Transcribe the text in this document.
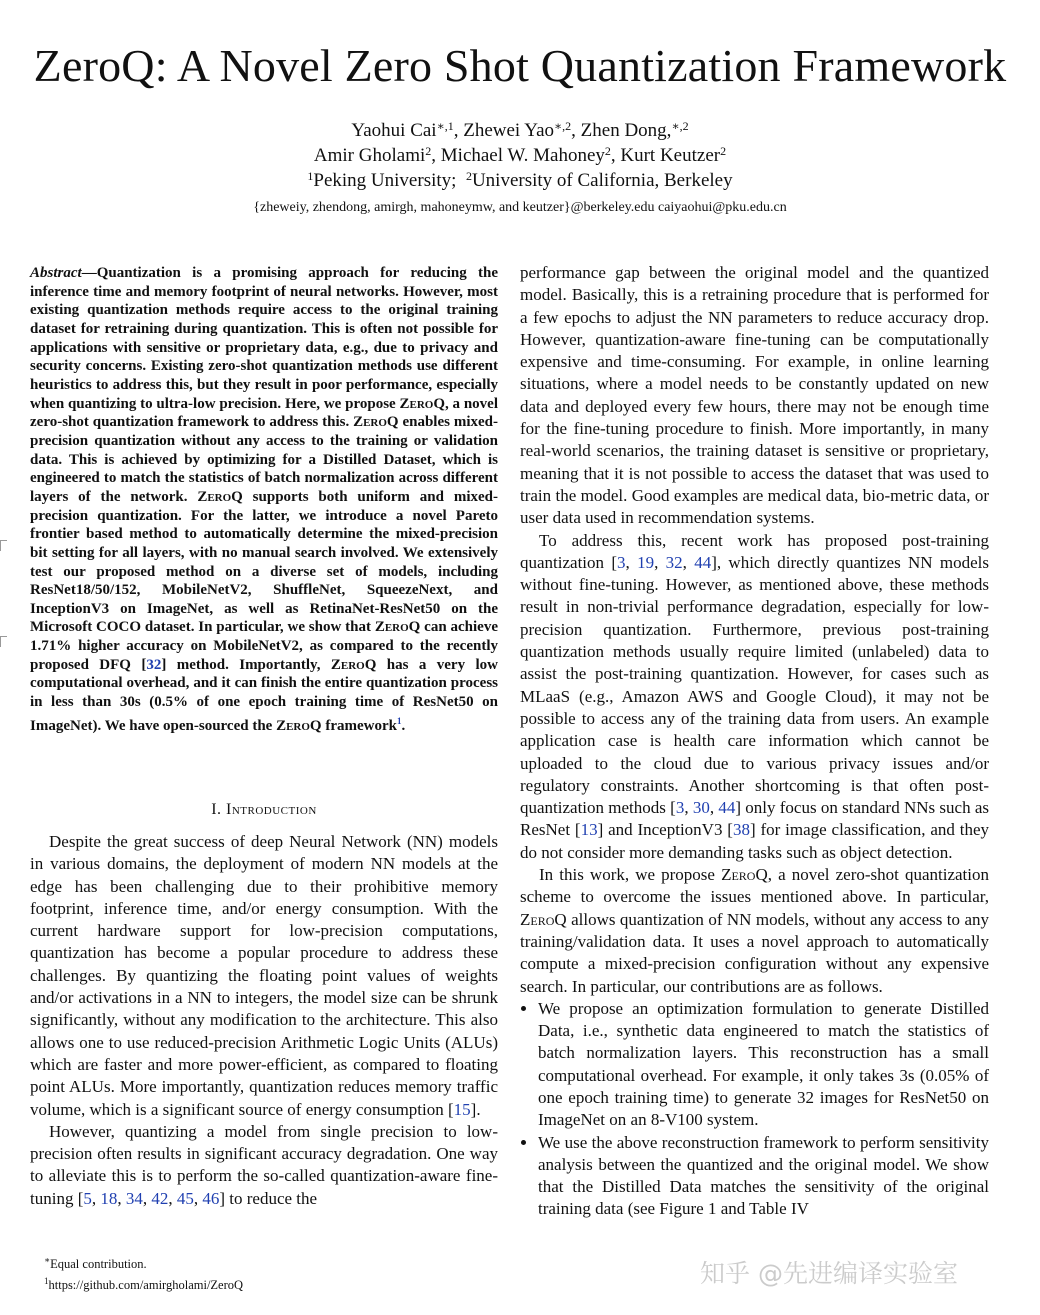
ZeroQ: A Novel Zero Shot Quantization Framework
Yaohui Cai$^{∗,1}$, Zhewei Yao$^{∗,2}$, Zhen Dong,$^{∗,2}$
Amir Gholami$^2$, Michael W. Mahoney$^2$, Kurt Keutzer$^2$
$^1$Peking University; $^2$University of California, Berkeley
{zheweiy, zhendong, amirgh, mahoneymw, and keutzer}@berkeley.edu caiyaohui@pku.edu.cn
Abstract—Quantization is a promising approach for reducing the inference time and memory footprint of neural networks. However, most existing quantization methods require access to the original training dataset for retraining during quantization. This is often not possible for applications with sensitive or proprietary data, e.g., due to privacy and security concerns. Existing zero-shot quantization methods use different heuristics to address this, but they result in poor performance, especially when quantizing to ultra-low precision. Here, we propose ZeroQ, a novel zero-shot quantization framework to address this. ZeroQ enables mixed-precision quantization without any access to the training or validation data. This is achieved by optimizing for a Distilled Dataset, which is engineered to match the statistics of batch normalization across different layers of the network. ZeroQ supports both uniform and mixed-precision quantization. For the latter, we introduce a novel Pareto frontier based method to automatically determine the mixed-precision bit setting for all layers, with no manual search involved. We extensively test our proposed method on a diverse set of models, including ResNet18/50/152, MobileNetV2, ShuffleNet, SqueezeNext, and InceptionV3 on ImageNet, as well as RetinaNet-ResNet50 on the Microsoft COCO dataset. In particular, we show that ZeroQ can achieve 1.71% higher accuracy on MobileNetV2, as compared to the recently proposed DFQ [32] method. Importantly, ZeroQ has a very low computational overhead, and it can finish the entire quantization process in less than 30s (0.5% of one epoch training time of ResNet50 on ImageNet). We have open-sourced the ZeroQ framework$^1$.
I. Introduction

Despite the great success of deep Neural Network (NN) models in various domains, the deployment of modern NN models at the edge has been challenging due to their prohibitive memory footprint, inference time, and/or energy consumption. With the current hardware support for low-precision computations, quantization has become a popular procedure to address these challenges. By quantizing the floating point values of weights and/or activations in a NN to integers, the model size can be shrunk significantly, without any modification to the architecture. This also allows one to use reduced-precision Arithmetic Logic Units (ALUs) which are faster and more power-efficient, as compared to floating point ALUs. More importantly, quantization reduces memory traffic volume, which is a significant source of energy consumption [15].

However, quantizing a model from single precision to low-precision often results in significant accuracy degradation. One way to alleviate this is to perform the so-called quantization-aware fine-tuning [5, 18, 34, 42, 45, 46] to reduce the

performance gap between the original model and the quantized model. Basically, this is a retraining procedure that is performed for a few epochs to adjust the NN parameters to reduce accuracy drop. However, quantization-aware fine-tuning can be computationally expensive and time-consuming. For example, in online learning situations, where a model needs to be constantly updated on new data and deployed every few hours, there may not be enough time for the fine-tuning procedure to finish. More importantly, in many real-world scenarios, the training dataset is sensitive or proprietary, meaning that it is not possible to access the dataset that was used to train the model. Good examples are medical data, bio-metric data, or user data used in recommendation systems.

To address this, recent work has proposed post-training quantization [3, 19, 32, 44], which directly quantizes NN models without fine-tuning. However, as mentioned above, these methods result in non-trivial performance degradation, especially for low-precision quantization. Furthermore, previous post-training quantization methods usually require limited (unlabeled) data to assist the post-training quantization. However, for cases such as MLaaS (e.g., Amazon AWS and Google Cloud), it may not be possible to access any of the training data from users. An example application case is health care information which cannot be uploaded to the cloud due to various privacy issues and/or regulatory constraints. Another shortcoming is that often post-quantization methods [3, 30, 44] only focus on standard NNs such as ResNet [13] and InceptionV3 [38] for image classification, and they do not consider more demanding tasks such as object detection.

In this work, we propose ZeroQ, a novel zero-shot quantization scheme to overcome the issues mentioned above. In particular, ZeroQ allows quantization of NN models, without any access to any training/validation data. It uses a novel approach to automatically compute a mixed-precision configuration without any expensive search. In particular, our contributions are as follows.

• We propose an optimization formulation to generate Distilled Data, i.e., synthetic data engineered to match the statistics of batch normalization layers. This reconstruction has a small computational overhead. For example, it only takes 3s (0.05% of one epoch training time) to generate 32 images for ResNet50 on ImageNet on an 8-V100 system.
• We use the above reconstruction framework to perform sensitivity analysis between the quantized and the original model. We show that the Distilled Data matches the sensitivity of the original training data (see Figure 1 and Table IV
∗Equal contribution.
$^1$https://github.com/amirgholami/ZeroQ	知乎 @先进编译实验室
